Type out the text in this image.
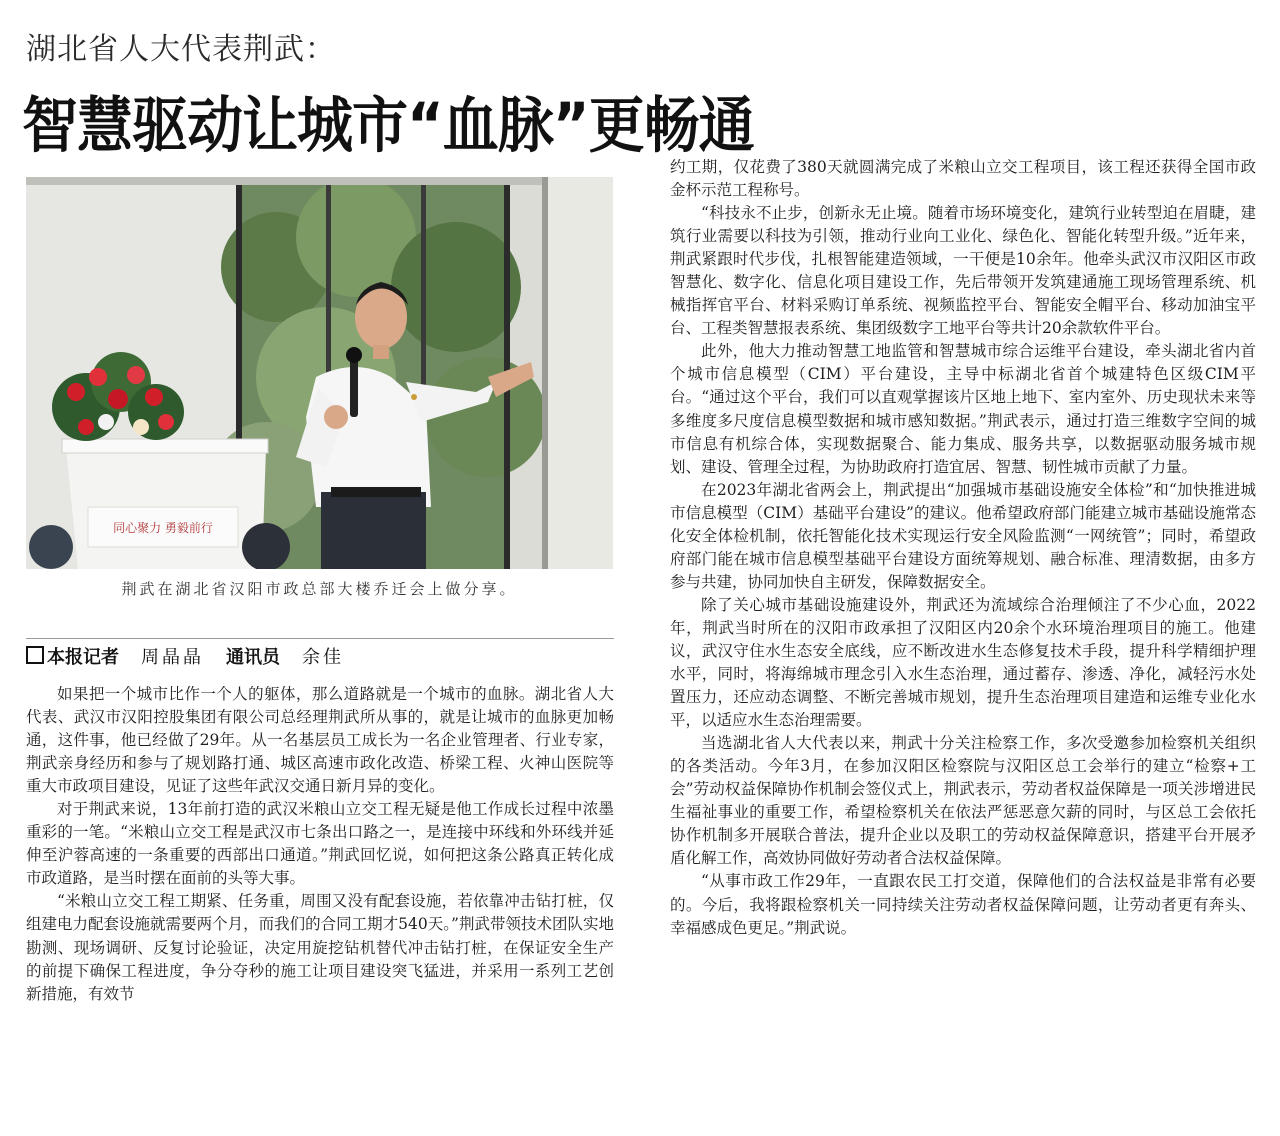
湖北省人大代表荆武：
智慧驱动让城市“血脉”更畅通
同心聚力 勇毅前行
荆武在湖北省汉阳市政总部大楼乔迁会上做分享。
本报记者 周晶晶 通讯员 余佳

如果把一个城市比作一个人的躯体，那么道路就是一个城市的血脉。湖北省人大代表、武汉市汉阳控股集团有限公司总经理荆武所从事的，就是让城市的血脉更加畅通，这件事，他已经做了29年。从一名基层员工成长为一名企业管理者、行业专家，荆武亲身经历和参与了规划路打通、城区高速市政化改造、桥梁工程、火神山医院等重大市政项目建设，见证了这些年武汉交通日新月异的变化。

对于荆武来说，13年前打造的武汉米粮山立交工程无疑是他工作成长过程中浓墨重彩的一笔。“米粮山立交工程是武汉市七条出口路之一，是连接中环线和外环线并延伸至沪蓉高速的一条重要的西部出口通道。”荆武回忆说，如何把这条公路真正转化成市政道路，是当时摆在面前的头等大事。

“米粮山立交工程工期紧、任务重，周围又没有配套设施，若依靠冲击钻打桩，仅组建电力配套设施就需要两个月，而我们的合同工期才540天。”荆武带领技术团队实地勘测、现场调研、反复讨论验证，决定用旋挖钻机替代冲击钻打桩，在保证安全生产的前提下确保工程进度，争分夺秒的施工让项目建设突飞猛进，并采用一系列工艺创新措施，有效节

约工期，仅花费了380天就圆满完成了米粮山立交工程项目，该工程还获得全国市政金杯示范工程称号。

“科技永不止步，创新永无止境。随着市场环境变化，建筑行业转型迫在眉睫，建筑行业需要以科技为引领，推动行业向工业化、绿色化、智能化转型升级。”近年来，荆武紧跟时代步伐，扎根智能建造领域，一干便是10余年。他牵头武汉市汉阳区市政智慧化、数字化、信息化项目建设工作，先后带领开发筑建通施工现场管理系统、机械指挥官平台、材料采购订单系统、视频监控平台、智能安全帽平台、移动加油宝平台、工程类智慧报表系统、集团级数字工地平台等共计20余款软件平台。

此外，他大力推动智慧工地监管和智慧城市综合运维平台建设，牵头湖北省内首个城市信息模型（CIM）平台建设，主导中标湖北省首个城建特色区级CIM平台。“通过这个平台，我们可以直观掌握该片区地上地下、室内室外、历史现状未来等多维度多尺度信息模型数据和城市感知数据。”荆武表示，通过打造三维数字空间的城市信息有机综合体，实现数据聚合、能力集成、服务共享，以数据驱动服务城市规划、建设、管理全过程，为协助政府打造宜居、智慧、韧性城市贡献了力量。

在2023年湖北省两会上，荆武提出“加强城市基础设施安全体检”和“加快推进城市信息模型（CIM）基础平台建设”的建议。他希望政府部门能建立城市基础设施常态化安全体检机制，依托智能化技术实现运行安全风险监测“一网统管”；同时，希望政府部门能在城市信息模型基础平台建设方面统筹规划、融合标准、理清数据，由多方参与共建，协同加快自主研发，保障数据安全。

除了关心城市基础设施建设外，荆武还为流域综合治理倾注了不少心血，2022年，荆武当时所在的汉阳市政承担了汉阳区内20余个水环境治理项目的施工。他建议，武汉守住水生态安全底线，应不断改进水生态修复技术手段，提升科学精细护理水平，同时，将海绵城市理念引入水生态治理，通过蓄存、渗透、净化，减轻污水处置压力，还应动态调整、不断完善城市规划，提升生态治理项目建造和运维专业化水平，以适应水生态治理需要。

当选湖北省人大代表以来，荆武十分关注检察工作，多次受邀参加检察机关组织的各类活动。今年3月，在参加汉阳区检察院与汉阳区总工会举行的建立“检察+工会”劳动权益保障协作机制会签仪式上，荆武表示，劳动者权益保障是一项关涉增进民生福祉事业的重要工作，希望检察机关在依法严惩恶意欠薪的同时，与区总工会依托协作机制多开展联合普法，提升企业以及职工的劳动权益保障意识，搭建平台开展矛盾化解工作，高效协同做好劳动者合法权益保障。

“从事市政工作29年，一直跟农民工打交道，保障他们的合法权益是非常有必要的。今后，我将跟检察机关一同持续关注劳动者权益保障问题，让劳动者更有奔头、幸福感成色更足。”荆武说。
